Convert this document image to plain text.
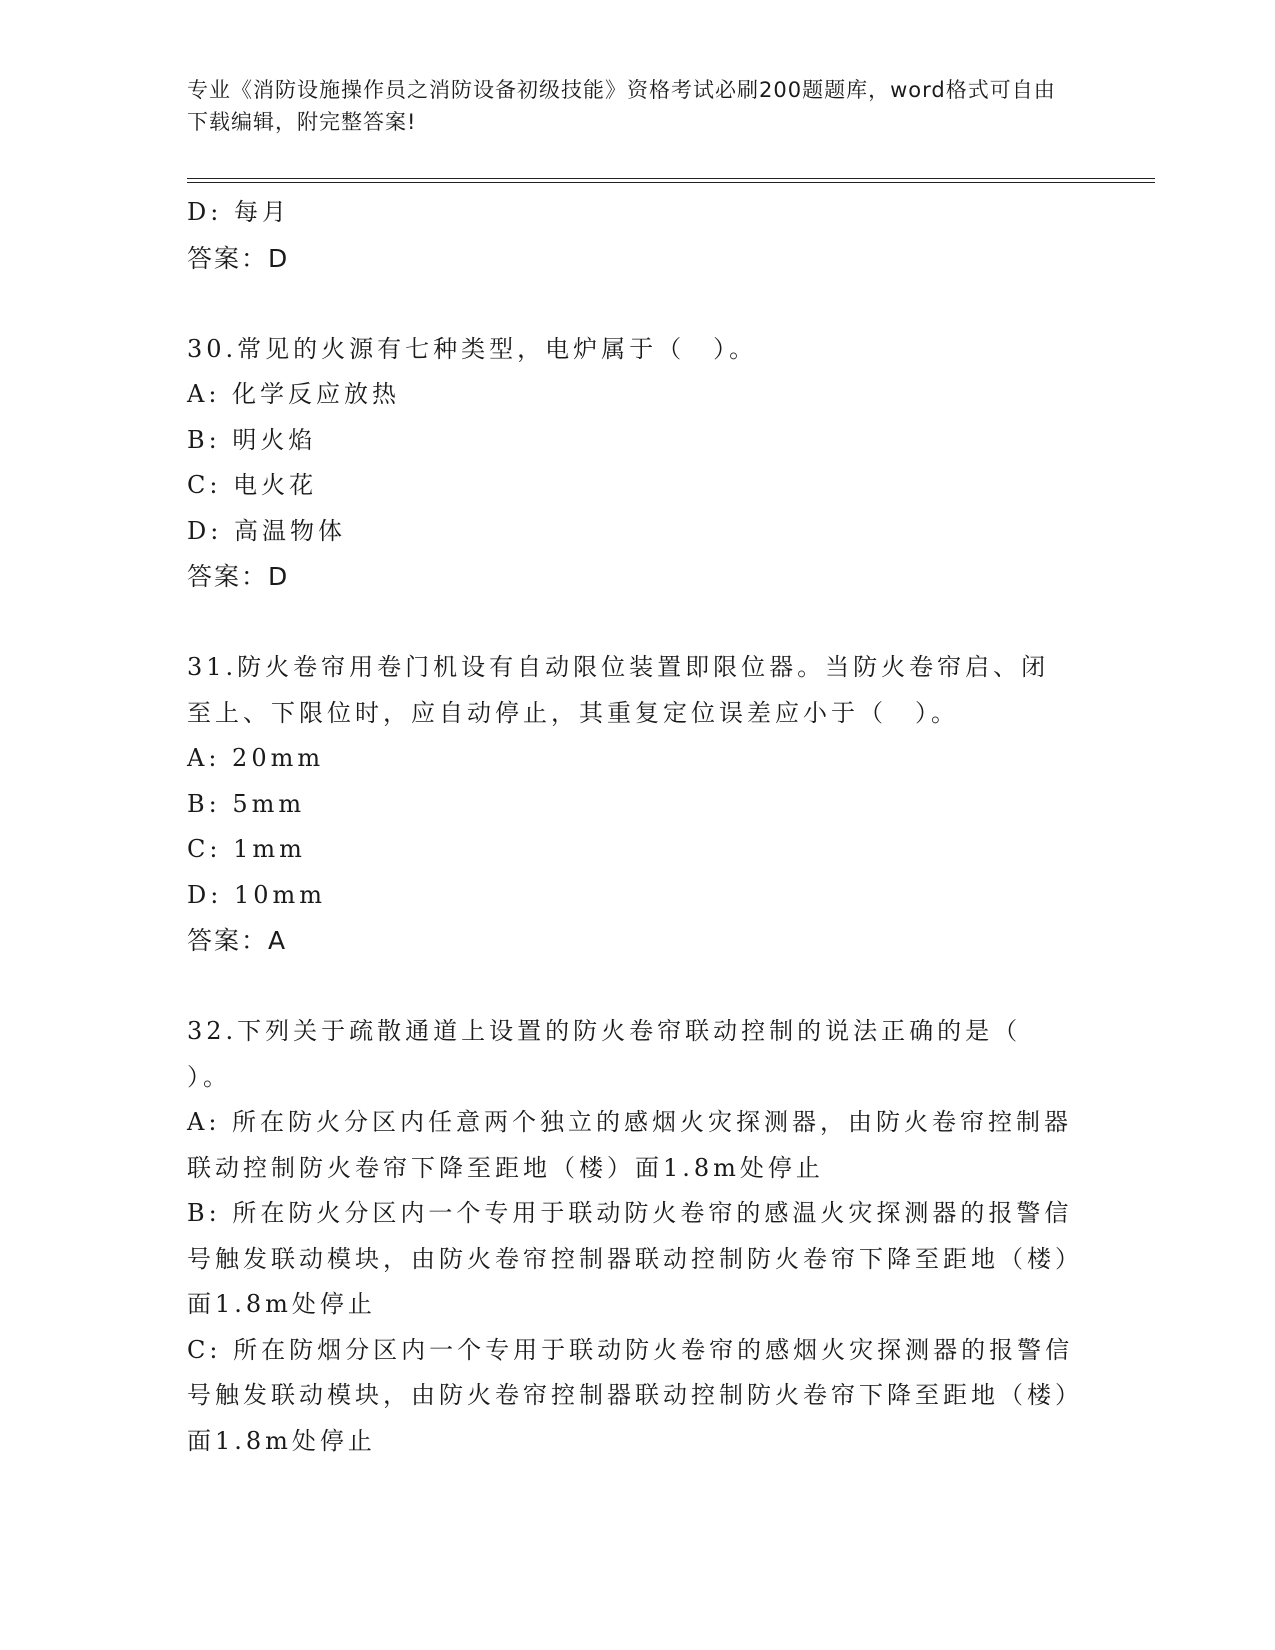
专业《消防设施操作员之消防设备初级技能》资格考试必刷200题题库，word格式可自由下载编辑，附完整答案!
D: 每月
答案：D
30.常见的火源有七种类型，电炉属于（　）。
A: 化学反应放热
B: 明火焰
C: 电火花
D: 高温物体
答案：D
31.防火卷帘用卷门机设有自动限位装置即限位器。当防火卷帘启、闭
至上、下限位时，应自动停止，其重复定位误差应小于（　）。
A: 20mm
B: 5mm
C: 1mm
D: 10mm
答案：A
32.下列关于疏散通道上设置的防火卷帘联动控制的说法正确的是（
）。
A: 所在防火分区内任意两个独立的感烟火灾探测器，由防火卷帘控制器联动控制防火卷帘下降至距地（楼）面1.8m处停止
B: 所在防火分区内一个专用于联动防火卷帘的感温火灾探测器的报警信号触发联动模块，由防火卷帘控制器联动控制防火卷帘下降至距地（楼）面1.8m处停止
C: 所在防烟分区内一个专用于联动防火卷帘的感烟火灾探测器的报警信号触发联动模块，由防火卷帘控制器联动控制防火卷帘下降至距地（楼）面1.8m处停止
